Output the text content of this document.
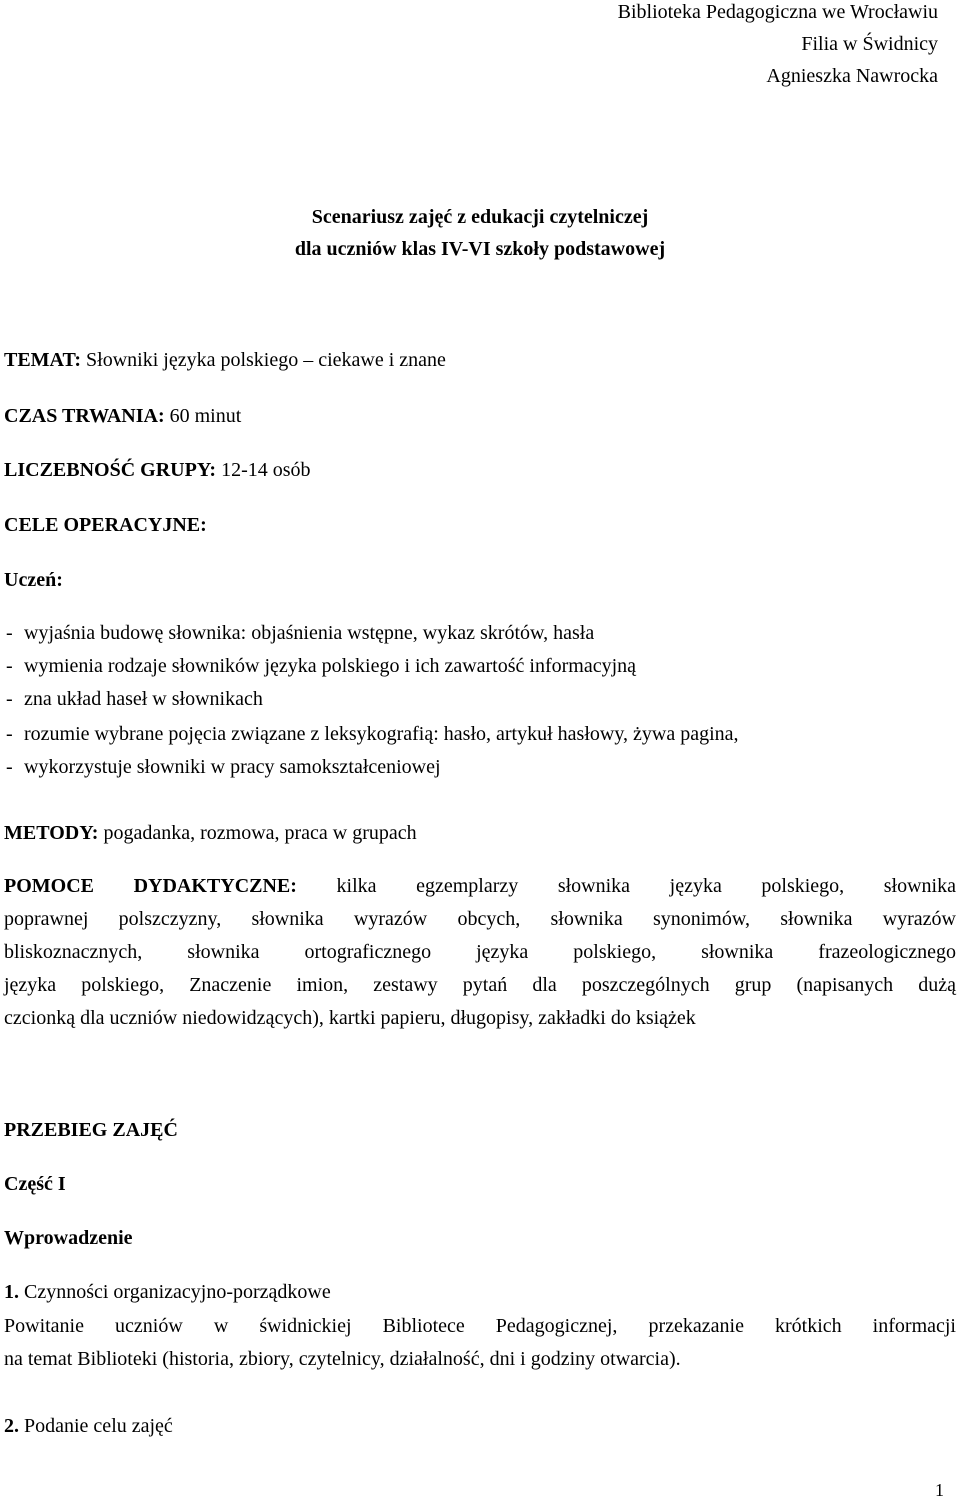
Biblioteka Pedagogiczna we Wrocławiu
Filia w Świdnicy
Agnieszka Nawrocka
Scenariusz zajęć z edukacji czytelniczej
dla uczniów klas IV-VI szkoły podstawowej
TEMAT: Słowniki języka polskiego – ciekawe i znane
CZAS TRWANIA: 60 minut
LICZEBNOŚĆ GRUPY: 12-14 osób
CELE OPERACYJNE:
Uczeń:
- wyjaśnia budowę słownika: objaśnienia wstępne, wykaz skrótów, hasła
- wymienia rodzaje słowników języka polskiego i ich zawartość informacyjną
- zna układ haseł w słownikach
- rozumie wybrane pojęcia związane z leksykografią: hasło, artykuł hasłowy, żywa pagina,
- wykorzystuje słowniki w pracy samokształceniowej
METODY: pogadanka, rozmowa, praca w grupach

POMOCE DYDAKTYCZNE: kilka egzemplarzy słownika języka polskiego, słownika

poprawnej polszczyzny, słownika wyrazów obcych, słownika synonimów, słownika wyrazów

bliskoznacznych, słownika ortograficznego języka polskiego, słownika frazeologicznego

języka polskiego, Znaczenie imion, zestawy pytań dla poszczególnych grup (napisanych dużą

czcionką dla uczniów niedowidzących), kartki papieru, długopisy, zakładki do książek

PRZEBIEG ZAJĘĆ
Część I
Wprowadzenie
1. Czynności organizacyjno-porządkowe

Powitanie uczniów w świdnickiej Bibliotece Pedagogicznej, przekazanie krótkich informacji

na temat Biblioteki (historia, zbiory, czytelnicy, działalność, dni i godziny otwarcia).

2. Podanie celu zajęć
1
